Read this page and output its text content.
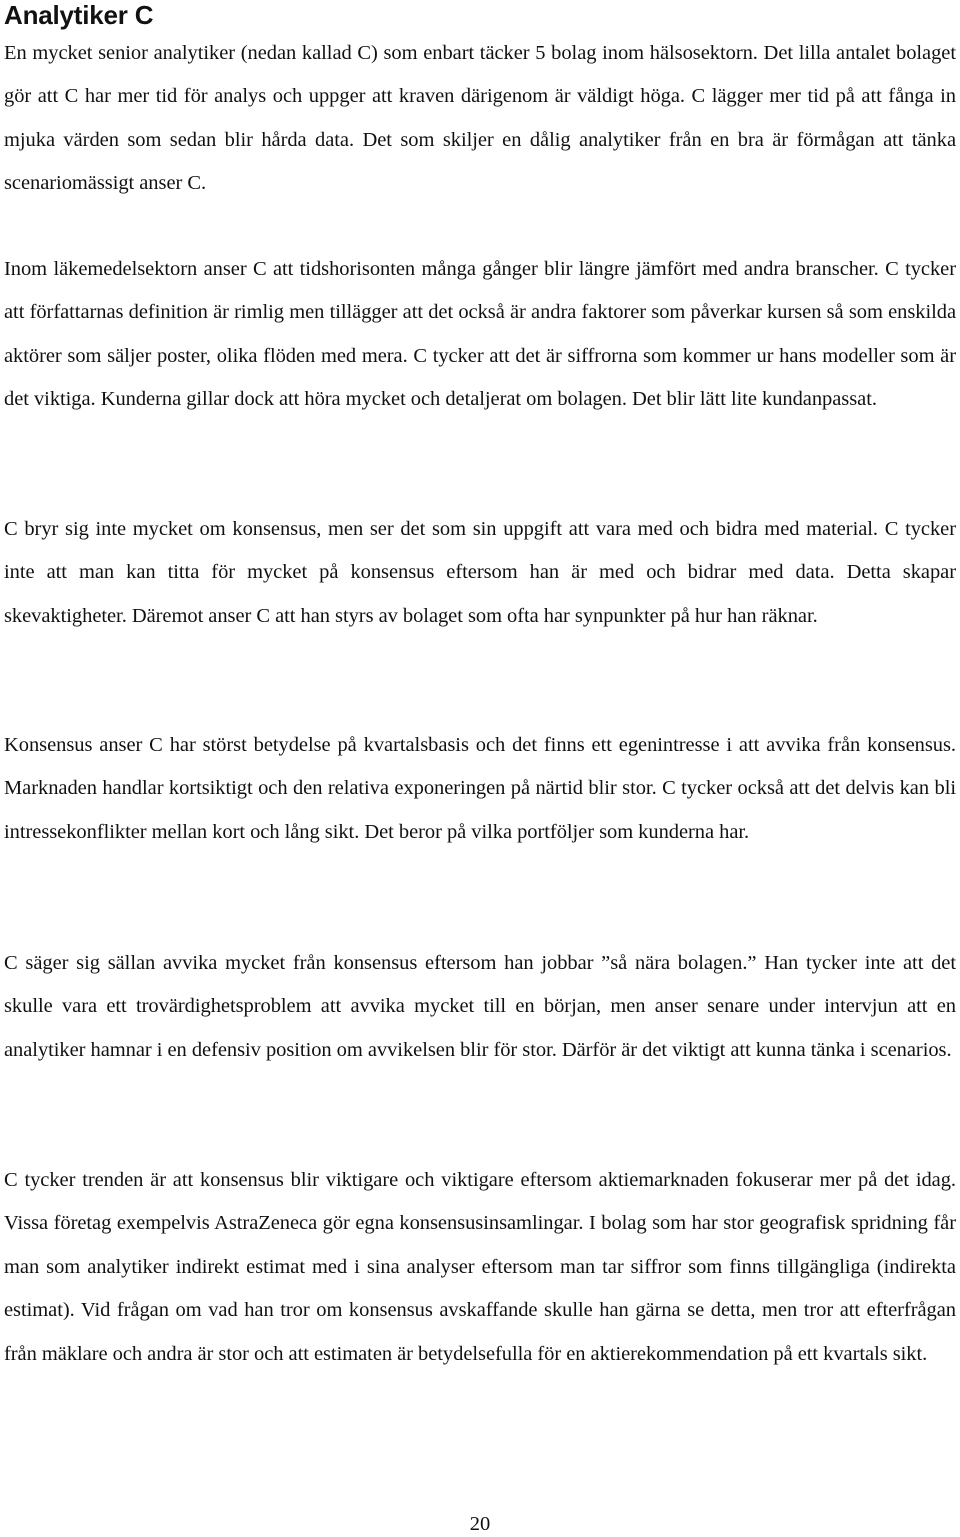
Analytiker C

En mycket senior analytiker (nedan kallad C) som enbart täcker 5 bolag inom hälsosektorn. Det lilla antalet bolaget gör att C har mer tid för analys och uppger att kraven därigenom är väldigt höga. C lägger mer tid på att fånga in mjuka värden som sedan blir hårda data. Det som skiljer en dålig analytiker från en bra är förmågan att tänka scenariomässigt anser C.

Inom läkemedelsektorn anser C att tidshorisonten många gånger blir längre jämfört med andra branscher. C tycker att författarnas definition är rimlig men tillägger att det också är andra faktorer som påverkar kursen så som enskilda aktörer som säljer poster, olika flöden med mera. C tycker att det är siffrorna som kommer ur hans modeller som är det viktiga. Kunderna gillar dock att höra mycket och detaljerat om bolagen. Det blir lätt lite kundanpassat.

C bryr sig inte mycket om konsensus, men ser det som sin uppgift att vara med och bidra med material. C tycker inte att man kan titta för mycket på konsensus eftersom han är med och bidrar med data. Detta skapar skevaktigheter. Däremot anser C att han styrs av bolaget som ofta har synpunkter på hur han räknar.

Konsensus anser C har störst betydelse på kvartalsbasis och det finns ett egenintresse i att avvika från konsensus. Marknaden handlar kortsiktigt och den relativa exponeringen på närtid blir stor. C tycker också att det delvis kan bli intressekonflikter mellan kort och lång sikt. Det beror på vilka portföljer som kunderna har.

C säger sig sällan avvika mycket från konsensus eftersom han jobbar ”så nära bolagen.” Han tycker inte att det skulle vara ett trovärdighetsproblem att avvika mycket till en början, men anser senare under intervjun att en analytiker hamnar i en defensiv position om avvikelsen blir för stor. Därför är det viktigt att kunna tänka i scenarios.

C tycker trenden är att konsensus blir viktigare och viktigare eftersom aktiemarknaden fokuserar mer på det idag. Vissa företag exempelvis AstraZeneca gör egna konsensusinsamlingar. I bolag som har stor geografisk spridning får man som analytiker indirekt estimat med i sina analyser eftersom man tar siffror som finns tillgängliga (indirekta estimat). Vid frågan om vad han tror om konsensus avskaffande skulle han gärna se detta, men tror att efterfrågan från mäklare och andra är stor och att estimaten är betydelsefulla för en aktierekommendation på ett kvartals sikt.

20
